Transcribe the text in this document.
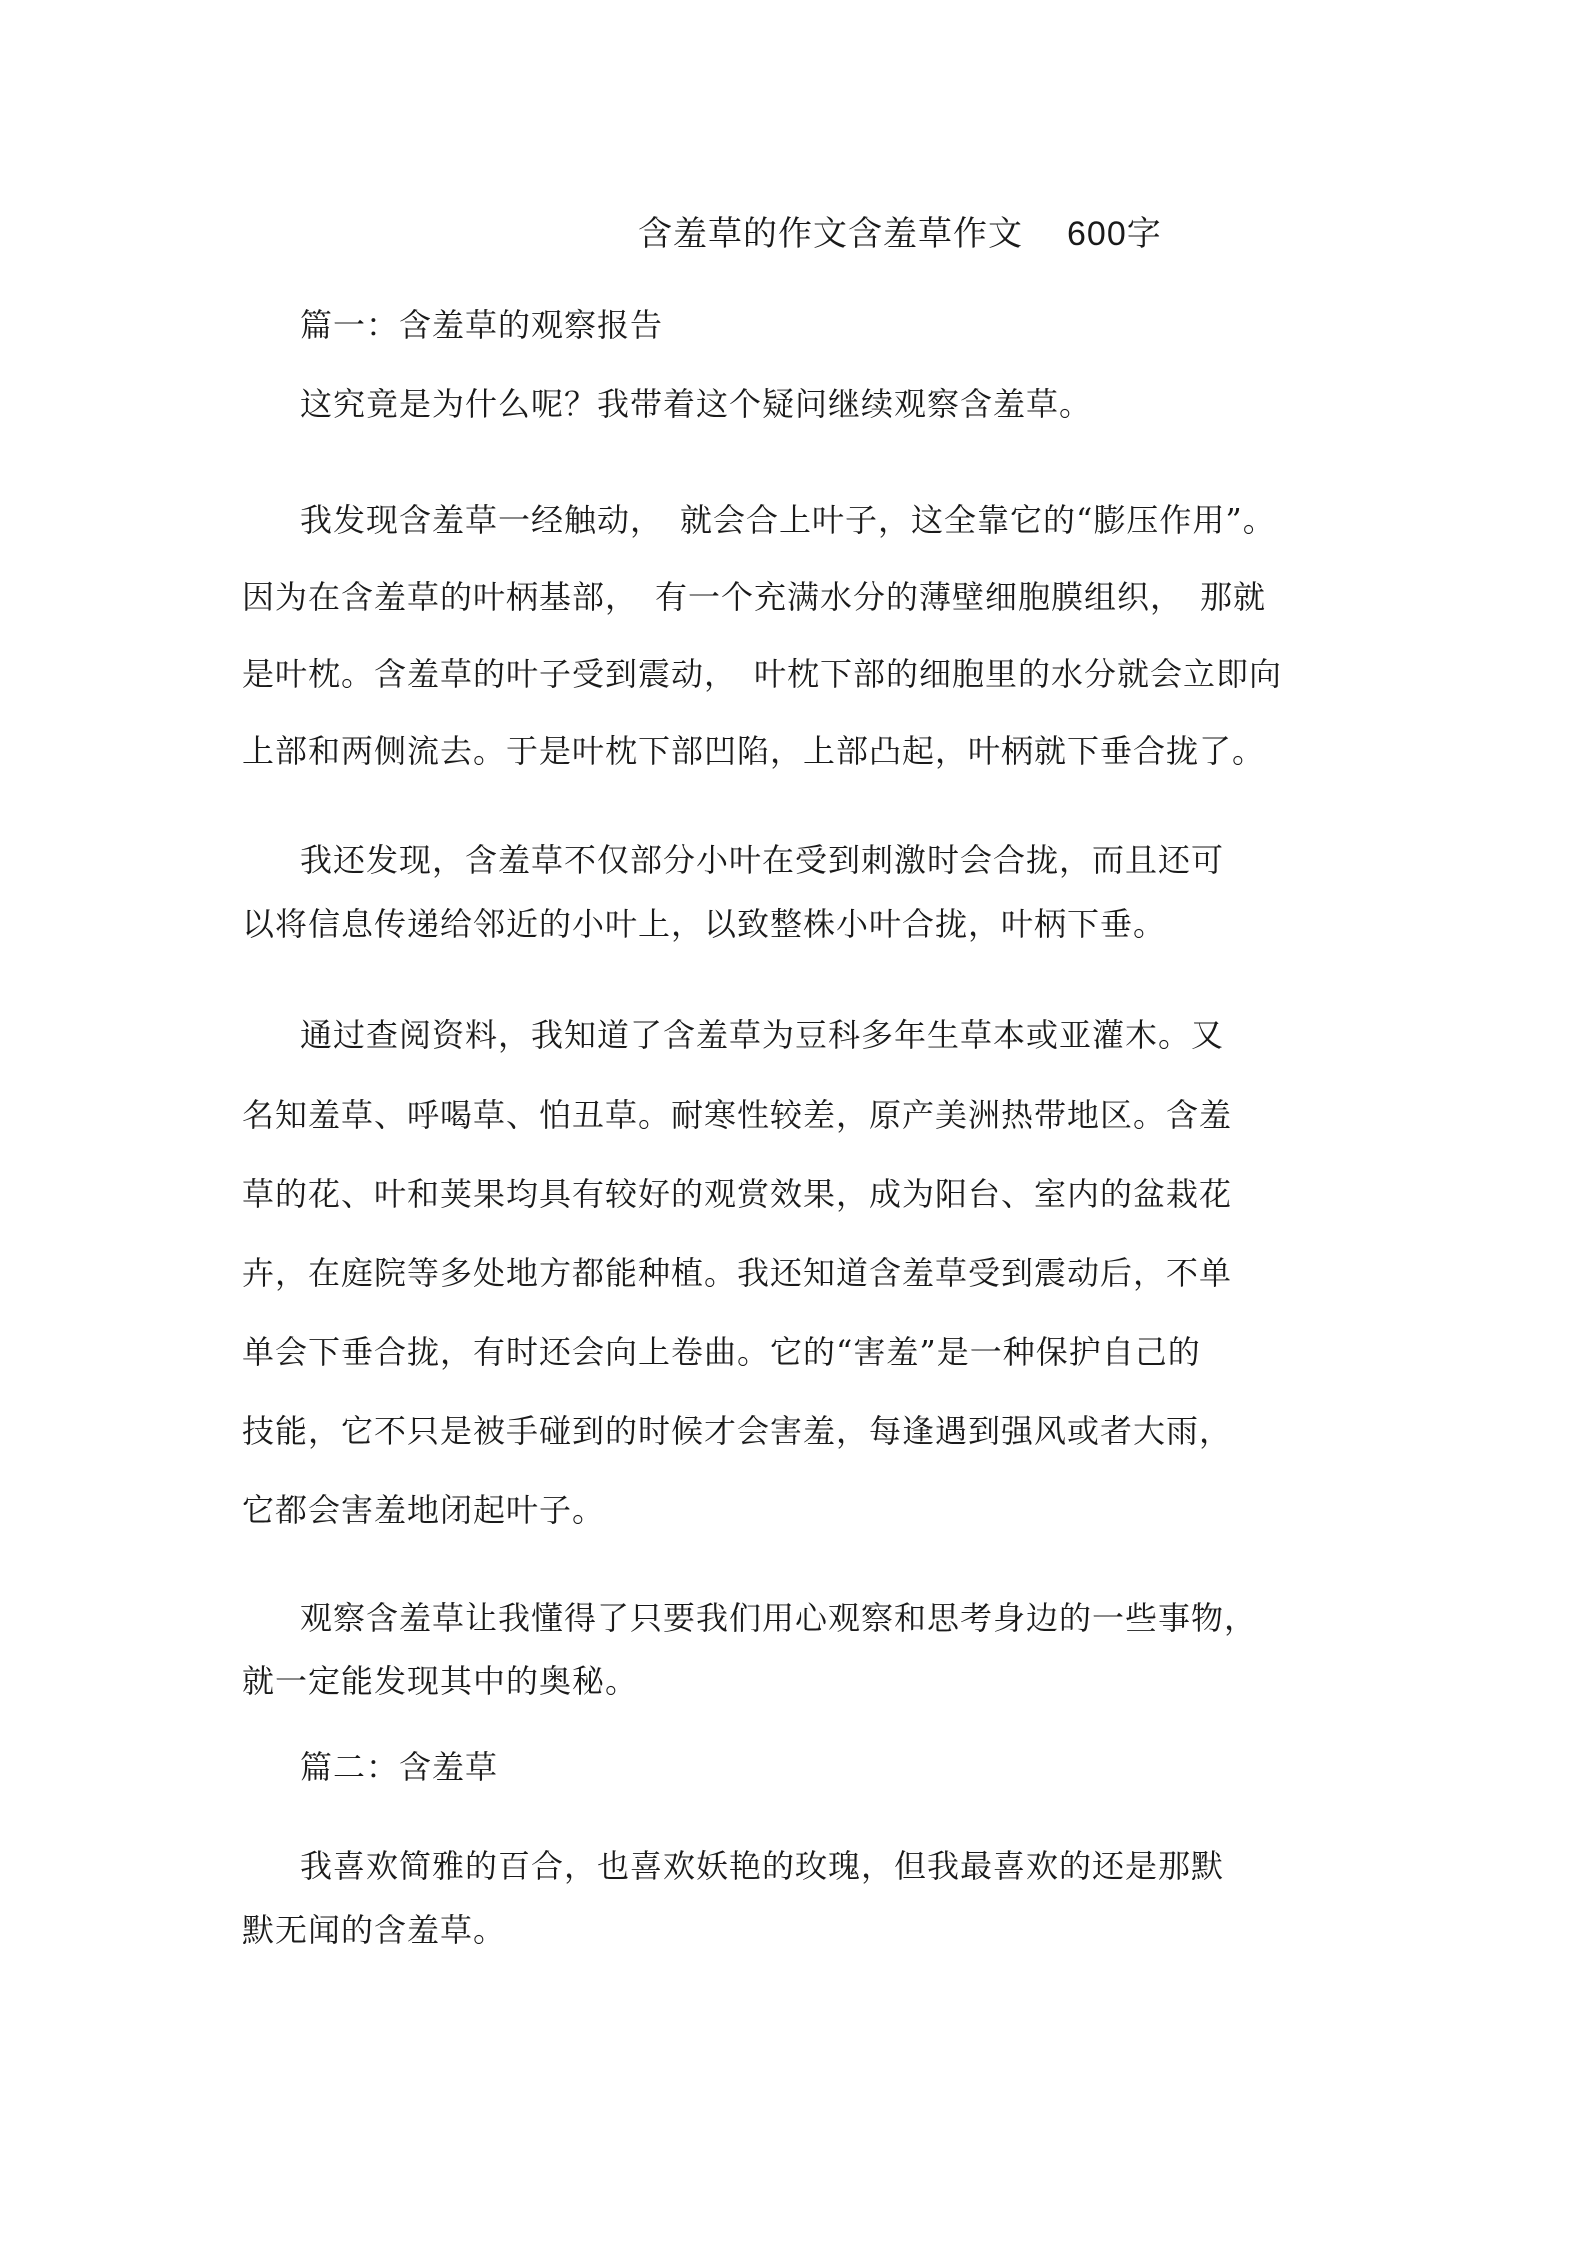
含羞草的作文含羞草作文 600字
篇一：含羞草的观察报告
这究竟是为什么呢？我带着这个疑问继续观察含羞草。
我发现含羞草一经触动，　就会合上叶子，这全靠它的“膨压作用”。
因为在含羞草的叶柄基部，　有一个充满水分的薄壁细胞膜组织，　那就
是叶枕。含羞草的叶子受到震动，　叶枕下部的细胞里的水分就会立即向
上部和两侧流去。于是叶枕下部凹陷，上部凸起，叶柄就下垂合拢了。
我还发现，含羞草不仅部分小叶在受到刺激时会合拢，而且还可
以将信息传递给邻近的小叶上，以致整株小叶合拢，叶柄下垂。
通过查阅资料，我知道了含羞草为豆科多年生草本或亚灌木。又
名知羞草、呼喝草、怕丑草。耐寒性较差，原产美洲热带地区。含羞
草的花、叶和荚果均具有较好的观赏效果，成为阳台、室内的盆栽花
卉，在庭院等多处地方都能种植。我还知道含羞草受到震动后，不单
单会下垂合拢，有时还会向上卷曲。它的“害羞”是一种保护自己的
技能，它不只是被手碰到的时候才会害羞，每逢遇到强风或者大雨，
它都会害羞地闭起叶子。
观察含羞草让我懂得了只要我们用心观察和思考身边的一些事物，
就一定能发现其中的奥秘。
篇二：含羞草
我喜欢简雅的百合，也喜欢妖艳的玫瑰，但我最喜欢的还是那默
默无闻的含羞草。
